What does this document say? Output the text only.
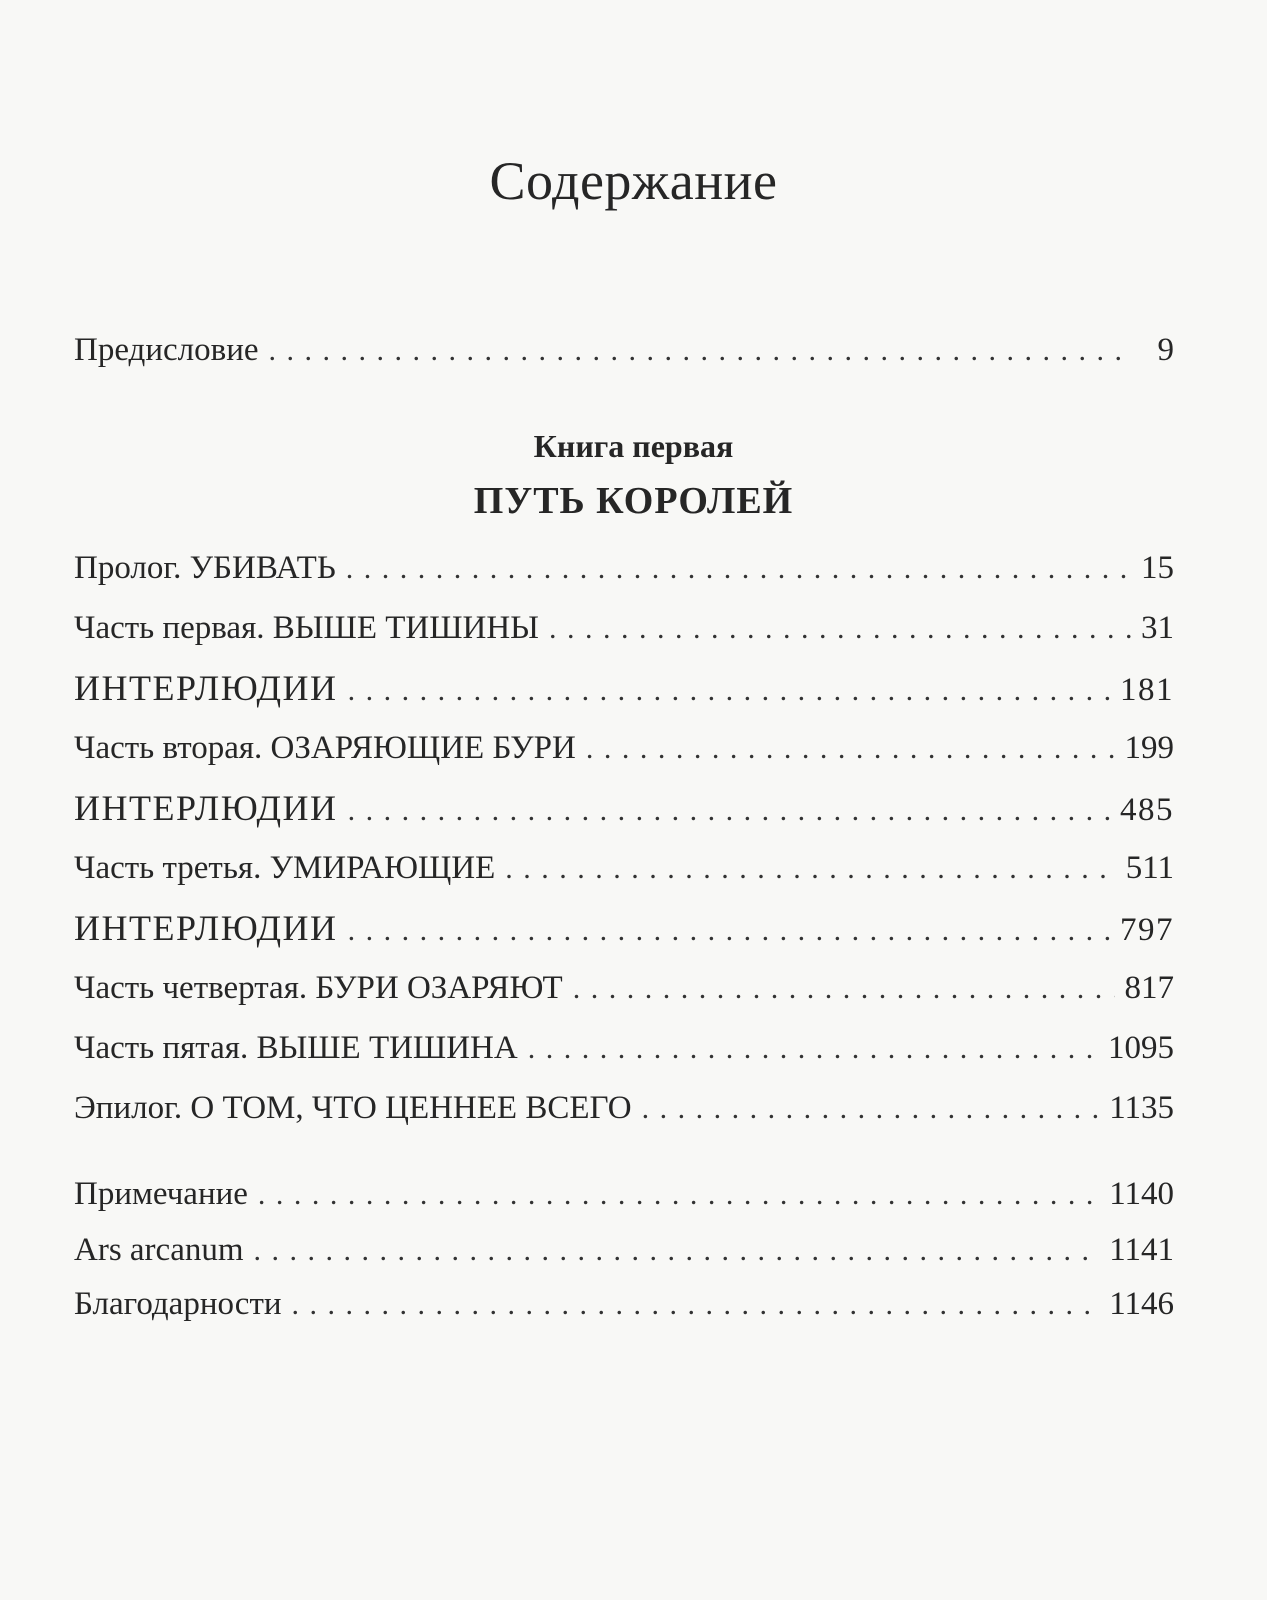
Содержание
Предисловие . . .	9
Книга первая
ПУТЬ КОРОЛЕЙ
Пролог. УБИВАТЬ . . .	15
Часть первая. ВЫШЕ ТИШИНЫ . . .	31
ИНТЕРЛЮДИИ . . .	181
Часть вторая. ОЗАРЯЮЩИЕ БУРИ . . .	199
ИНТЕРЛЮДИИ . . .	485
Часть третья. УМИРАЮЩИЕ . . .	511
ИНТЕРЛЮДИИ . . .	797
Часть четвертая. БУРИ ОЗАРЯЮТ . . .	817
Часть пятая. ВЫШЕ ТИШИНА . . .	1095
Эпилог. О ТОМ, ЧТО ЦЕННЕЕ ВСЕГО . . .	1135
Примечание . . .	1140
Ars arcanum . . .	1141
Благодарности . . .	1146
